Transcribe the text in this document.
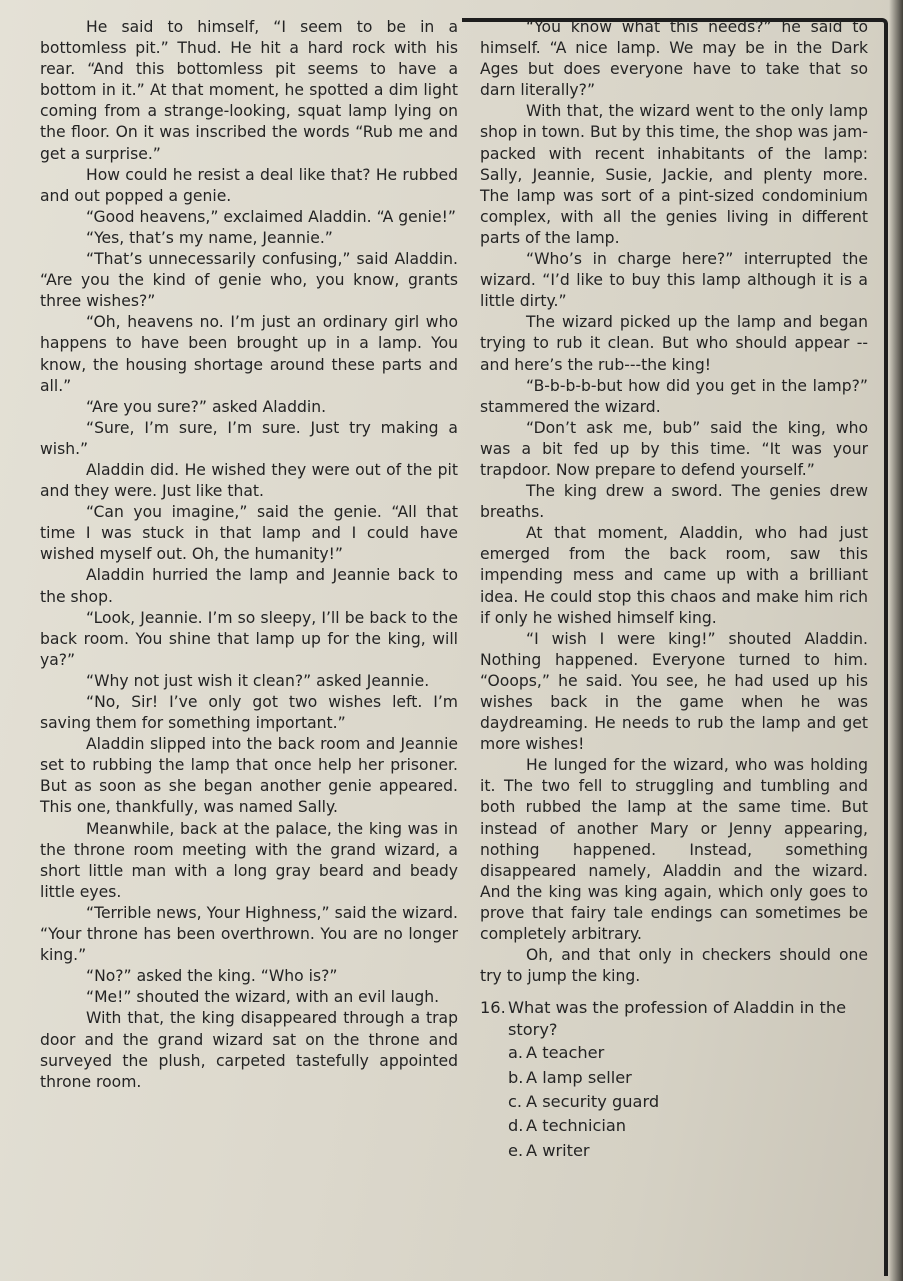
He said to himself, “I seem to be in a bottomless pit.” Thud. He hit a hard rock with his rear. “And this bottomless pit seems to have a bottom in it.” At that moment, he spotted a dim light coming from a strange-looking, squat lamp lying on the floor. On it was inscribed the words “Rub me and get a surprise.”

How could he resist a deal like that? He rubbed and out popped a genie.

“Good heavens,” exclaimed Aladdin. “A genie!”

“Yes, that’s my name, Jeannie.”

“That’s unnecessarily confusing,” said Aladdin. “Are you the kind of genie who, you know, grants three wishes?”

“Oh, heavens no. I’m just an ordinary girl who happens to have been brought up in a lamp. You know, the housing shortage around these parts and all.”

“Are you sure?” asked Aladdin.

“Sure, I’m sure, I’m sure. Just try making a wish.”

Aladdin did. He wished they were out of the pit and they were. Just like that.

“Can you imagine,” said the genie. “All that time I was stuck in that lamp and I could have wished myself out. Oh, the humanity!”

Aladdin hurried the lamp and Jeannie back to the shop.

“Look, Jeannie. I’m so sleepy, I’ll be back to the back room. You shine that lamp up for the king, will ya?”

“Why not just wish it clean?” asked Jeannie.

“No, Sir! I’ve only got two wishes left. I’m saving them for something important.”

Aladdin slipped into the back room and Jeannie set to rubbing the lamp that once help her prisoner. But as soon as she began another genie appeared. This one, thankfully, was named Sally.

Meanwhile, back at the palace, the king was in the throne room meeting with the grand wizard, a short little man with a long gray beard and beady little eyes.

“Terrible news, Your Highness,” said the wizard. “Your throne has been overthrown. You are no longer king.”

“No?” asked the king. “Who is?”

“Me!” shouted the wizard, with an evil laugh.

With that, the king disappeared through a trap door and the grand wizard sat on the throne and surveyed the plush, carpeted tastefully appointed throne room.

“You know what this needs?” he said to himself. “A nice lamp. We may be in the Dark Ages but does everyone have to take that so darn literally?”

With that, the wizard went to the only lamp shop in town. But by this time, the shop was jam-packed with recent inhabitants of the lamp: Sally, Jeannie, Susie, Jackie, and plenty more. The lamp was sort of a pint-sized condominium complex, with all the genies living in different parts of the lamp.

“Who’s in charge here?” interrupted the wizard. “I’d like to buy this lamp although it is a little dirty.”

The wizard picked up the lamp and began trying to rub it clean. But who should appear --and here’s the rub---the king!

“B-b-b-b-but how did you get in the lamp?” stammered the wizard.

“Don’t ask me, bub” said the king, who was a bit fed up by this time. “It was your trapdoor. Now prepare to defend yourself.”

The king drew a sword. The genies drew breaths.

At that moment, Aladdin, who had just emerged from the back room, saw this impending mess and came up with a brilliant idea. He could stop this chaos and make him rich if only he wished himself king.

“I wish I were king!” shouted Aladdin. Nothing happened. Everyone turned to him. “Ooops,” he said. You see, he had used up his wishes back in the game when he was daydreaming. He needs to rub the lamp and get more wishes!

He lunged for the wizard, who was holding it. The two fell to struggling and tumbling and both rubbed the lamp at the same time. But instead of another Mary or Jenny appearing, nothing happened. Instead, something disappeared namely, Aladdin and the wizard. And the king was king again, which only goes to prove that fairy tale endings can sometimes be completely arbitrary.

Oh, and that only in checkers should one try to jump the king.

16. What was the profession of Aladdin in the story?
a. A teacher
b. A lamp seller
c. A security guard
d. A technician
e. A writer
